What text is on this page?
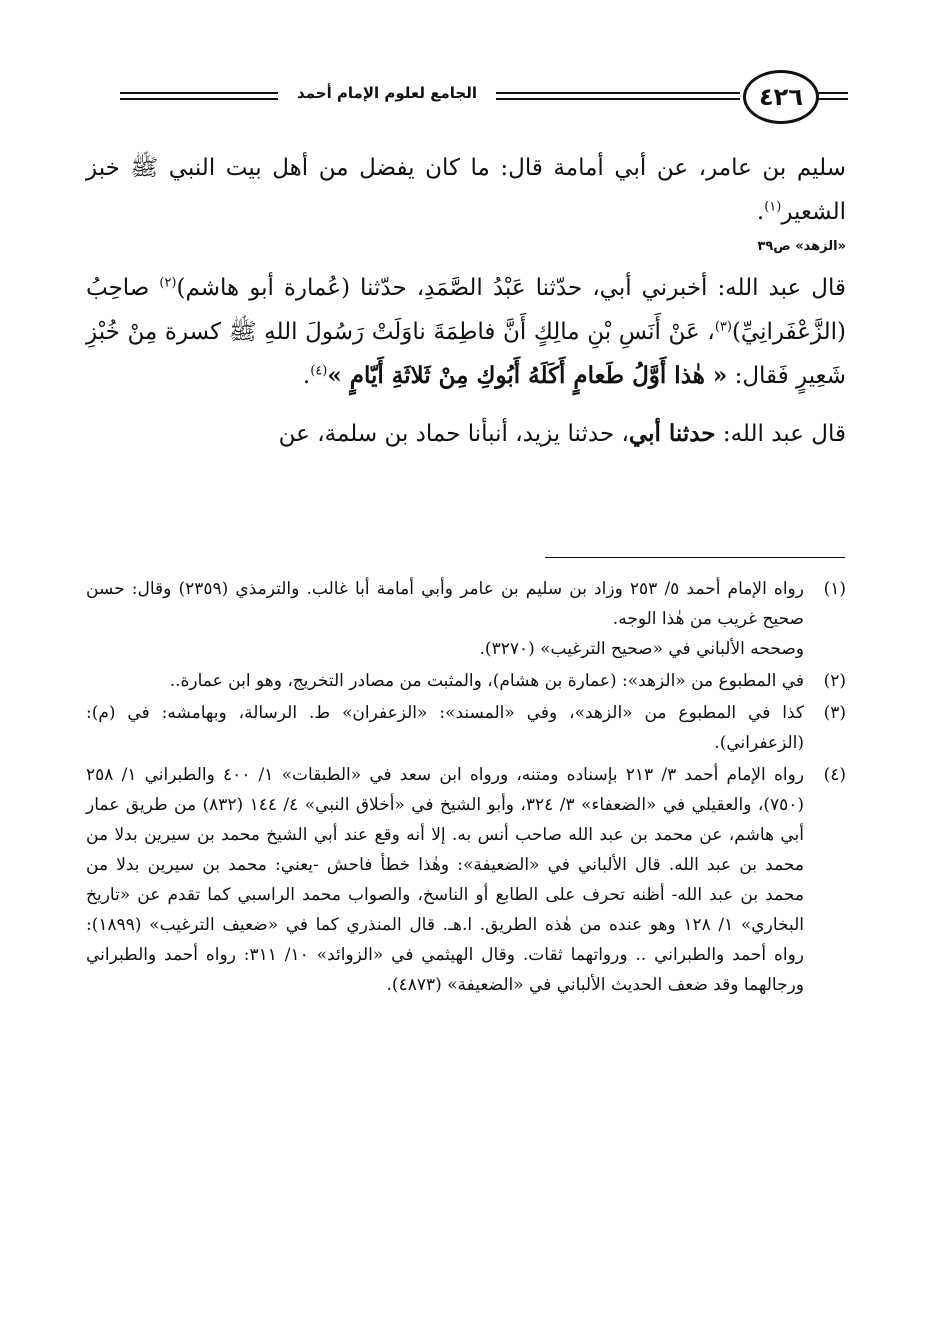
الجامع لعلوم الإمام أحمد	٤٢٦

سليم بن عامر، عن أبي أمامة قال: ما كان يفضل من أهل بيت النبي ﷺ خبز الشعير$^{(١)}$.

«الزهد» ص٣٩

قال عبد الله: أخبرني أبي، حدّثنا عَبْدُ الصَّمَدِ، حدّثنا (عُمارة أبو هاشم)$^{(٢)}$ صاحِبُ (الزَّعْفَرانِيِّ)$^{(٣)}$، عَنْ أَنَسِ بْنِ مالِكٍ أَنَّ فاطِمَةَ ناوَلَتْ رَسُولَ اللهِ ﷺ كسرة مِنْ خُبْزِ شَعِيرٍ فَقال: « هٰذا أَوَّلُ طَعامٍ أَكَلَهُ أَبُوكِ مِنْ ثَلاثَةِ أَيّامٍ »$^{(٤)}$.

قال عبد الله: حدثنا أبي، حدثنا يزيد، أنبأنا حماد بن سلمة، عن

(١)

رواه الإمام أحمد ٥/ ٢٥٣ وزاد بن سليم بن عامر وأبي أمامة أبا غالب. والترمذي (٢٣٥٩) وقال: حسن صحيح غريب من هٰذا الوجه.

وصححه الألباني في «صحيح الترغيب» (٣٢٧٠).

(٢)

في المطبوع من «الزهد»: (عمارة بن هشام)، والمثبت من مصادر التخريج، وهو ابن عمارة..

(٣)

كذا في المطبوع من «الزهد»، وفي «المسند»: «الزعفران» ط. الرسالة، وبهامشه: في (م): (الزعفراني).

(٤)

رواه الإمام أحمد ٣/ ٢١٣ بإسناده ومتنه، ورواه ابن سعد في «الطبقات» ١/ ٤٠٠ والطبراني ١/ ٢٥٨ (٧٥٠)، والعقيلي في «الضعفاء» ٣/ ٣٢٤، وأبو الشيخ في «أخلاق النبي» ٤/ ١٤٤ (٨٣٢) من طريق عمار أبي هاشم، عن محمد بن عبد الله صاحب أنس به. إلا أنه وقع عند أبي الشيخ محمد بن سيرين بدلا من محمد بن عبد الله. قال الألباني في «الضعيفة»: وهٰذا خطأ فاحش -يعني: محمد بن سيرين بدلا من محمد بن عبد الله- أظنه تحرف على الطابع أو الناسخ، والصواب محمد الراسبي كما تقدم عن «تاريخ البخاري» ١/ ١٢٨ وهو عنده من هٰذه الطريق. ا.هـ. قال المنذري كما في «ضعيف الترغيب» (١٨٩٩): رواه أحمد والطبراني .. ورواتهما ثقات. وقال الهيثمي في «الزوائد» ١٠/ ٣١١: رواه أحمد والطبراني ورجالهما وقد ضعف الحديث الألباني في «الضعيفة» (٤٨٧٣).
